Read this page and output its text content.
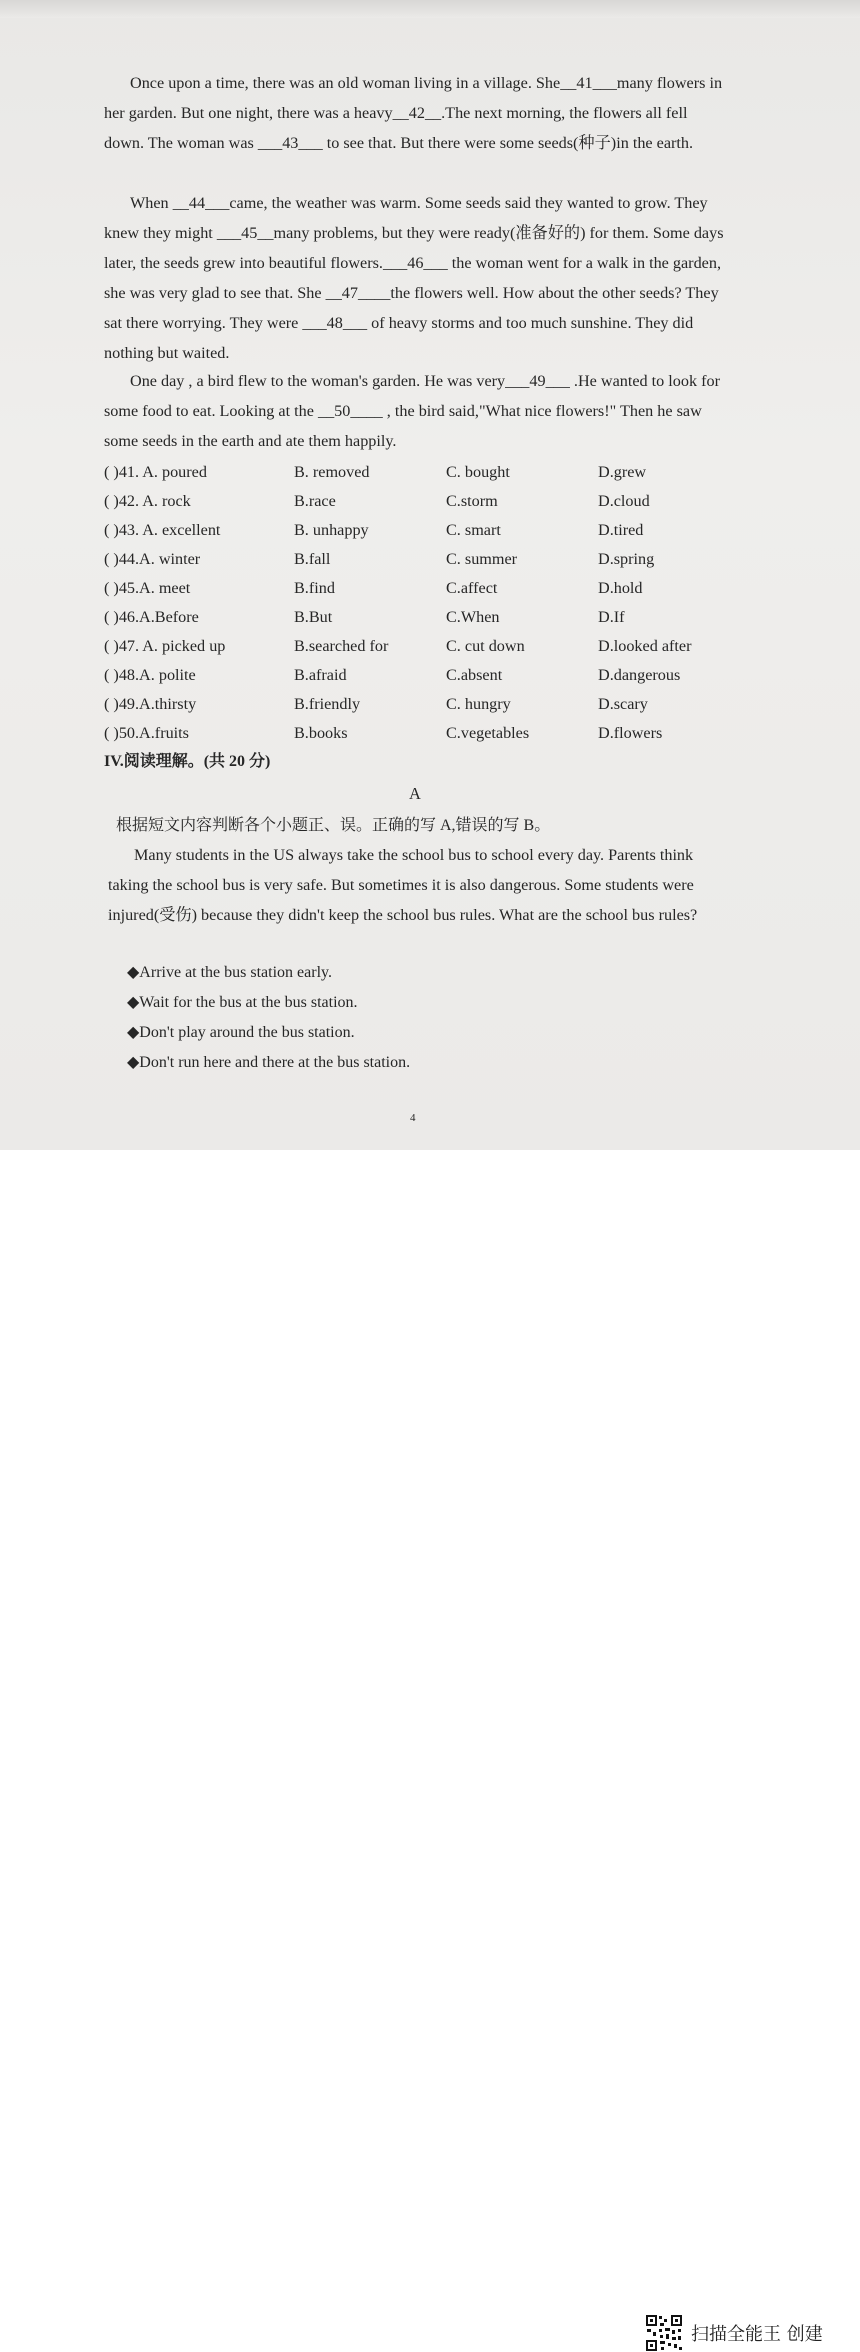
Once upon a time, there was an old woman living in a village. She__41___many flowers in her garden. But one night, there was a heavy__42__.The next morning, the flowers all fell down. The woman was ___43___ to see that. But there were some seeds(种子)in the earth.

When __44___came, the weather was warm. Some seeds said they wanted to grow. They knew they might ___45__many problems, but they were ready(准备好的) for them. Some days later, the seeds grew into beautiful flowers.___46___ the woman went for a walk in the garden, she was very glad to see that. She __47____the flowers well. How about the other seeds? They sat there worrying. They were ___48___ of heavy storms and too much sunshine. They did nothing but waited.

One day , a bird flew to the woman's garden. He was very___49___ .He wanted to look for some food to eat. Looking at the __50____ , the bird said,"What nice flowers!" Then he saw some seeds in the earth and ate them happily.

( )41. A. poured	B. removed	C. bought	D.grew
( )42. A. rock	B.race	C.storm	D.cloud
( )43. A. excellent	B. unhappy	C. smart	D.tired
( )44.A. winter	B.fall	C. summer	D.spring
( )45.A. meet	B.find	C.affect	D.hold
( )46.A.Before	B.But	C.When	D.If
( )47. A. picked up	B.searched for	C. cut down	D.looked after
( )48.A. polite	B.afraid	C.absent	D.dangerous
( )49.A.thirsty	B.friendly	C. hungry	D.scary
( )50.A.fruits	B.books	C.vegetables	D.flowers
IV.阅读理解。(共 20 分)
A
根据短文内容判断各个小题正、误。正确的写 A,错误的写 B。

Many students in the US always take the school bus to school every day. Parents think taking the school bus is very safe. But sometimes it is also dangerous. Some students were injured(受伤) because they didn't keep the school bus rules. What are the school bus rules?

◆Arrive at the bus station early.
◆Wait for the bus at the bus station.
◆Don't play around the bus station.
◆Don't run here and there at the bus station.
4
扫描全能王 创建
